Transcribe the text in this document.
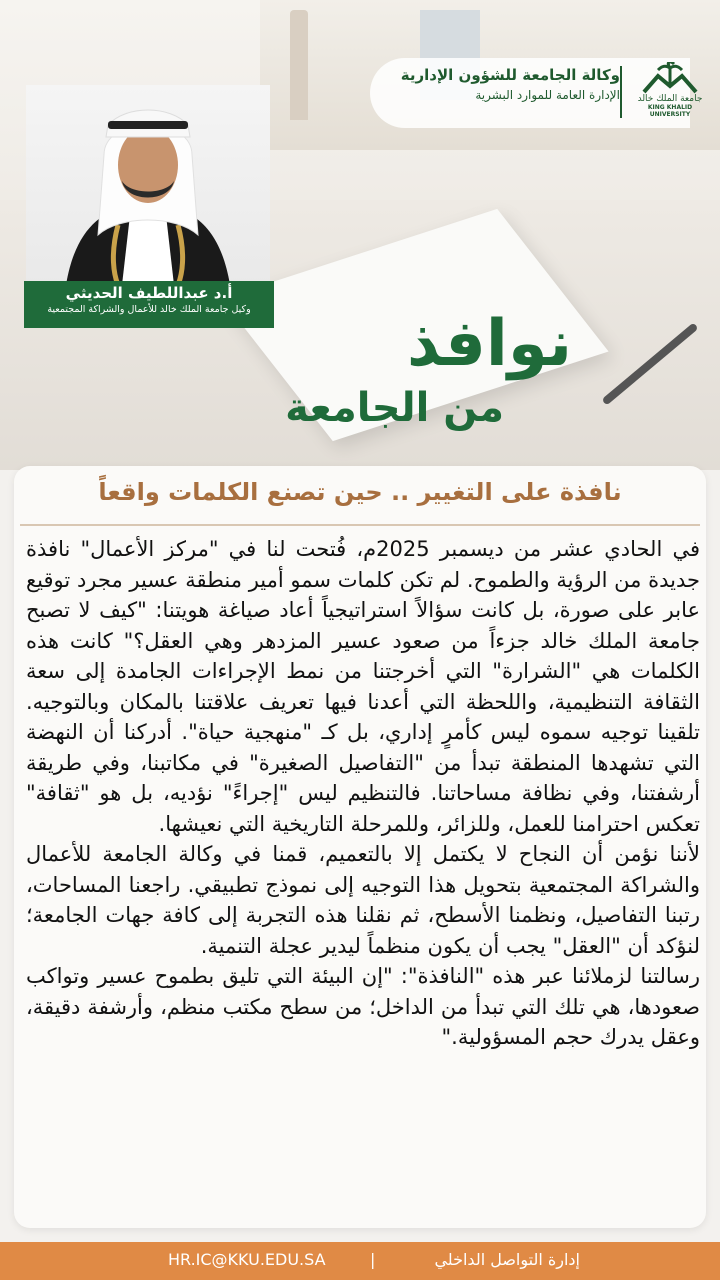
وكالة الجامعة للشؤون الإدارية
الإدارة العامة للموارد البشرية	جامعة الملك خالد
KING KHALID UNIVERSITY
أ.د عبداللطيف الحديثي
وكيل جامعة الملك خالد للأعمال والشراكة المجتمعية	نوافذ
من الجامعة
نافذة على التغيير .. حين تصنع الكلمات واقعاً

في الحادي عشر من ديسمبر 2025م، فُتحت لنا في "مركز الأعمال" نافذة جديدة من الرؤية والطموح. لم تكن كلمات سمو أمير منطقة عسير مجرد توقيع عابر على صورة، بل كانت سؤالاً استراتيجياً أعاد صياغة هويتنا: "كيف لا تصبح جامعة الملك خالد جزءاً من صعود عسير المزدهر وهي العقل؟" كانت هذه الكلمات هي "الشرارة" التي أخرجتنا من نمط الإجراءات الجامدة إلى سعة الثقافة التنظيمية، واللحظة التي أعدنا فيها تعريف علاقتنا بالمكان وبالتوجيه. تلقينا توجيه سموه ليس كأمرٍ إداري، بل كـ "منهجية حياة". أدركنا أن النهضة التي تشهدها المنطقة تبدأ من "التفاصيل الصغيرة" في مكاتبنا، وفي طريقة أرشفتنا، وفي نظافة مساحاتنا. فالتنظيم ليس "إجراءً" نؤديه، بل هو "ثقافة" تعكس احترامنا للعمل، وللزائر، وللمرحلة التاريخية التي نعيشها.

لأننا نؤمن أن النجاح لا يكتمل إلا بالتعميم، قمنا في وكالة الجامعة للأعمال والشراكة المجتمعية بتحويل هذا التوجيه إلى نموذج تطبيقي. راجعنا المساحات، رتبنا التفاصيل، ونظمنا الأسطح، ثم نقلنا هذه التجربة إلى كافة جهات الجامعة؛ لنؤكد أن "العقل" يجب أن يكون منظماً ليدير عجلة التنمية.

رسالتنا لزملائنا عبر هذه "النافذة": "إن البيئة التي تليق بطموح عسير وتواكب صعودها، هي تلك التي تبدأ من الداخل؛ من سطح مكتب منظم، وأرشفة دقيقة، وعقل يدرك حجم المسؤولية."

إدارة التواصل الداخلي
|
HR.IC@KKU.EDU.SA
